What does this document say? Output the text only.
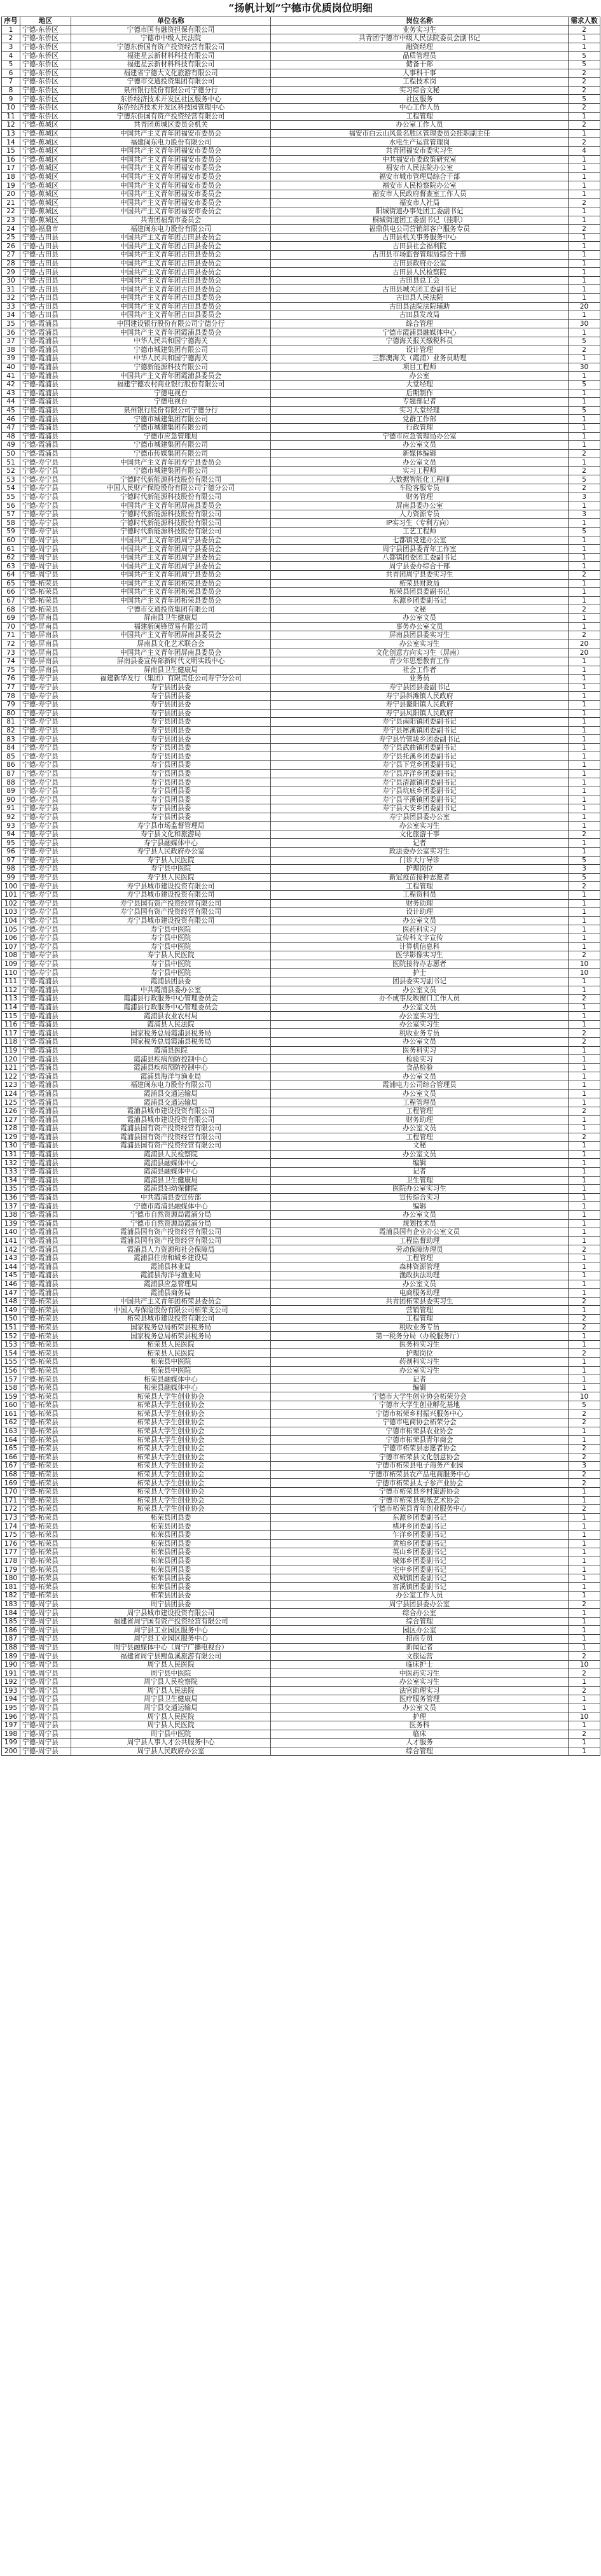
“扬帆计划”宁德市优质岗位明细
序号	地区	单位名称	岗位名称	需求人数
1	宁德-东侨区	宁德市国有融资担保有限公司	业务实习生	2
2	宁德-东侨区	宁德市中级人民法院	共青团宁德市中级人民法院委员会副书记	1
3	宁德-东侨区	宁德东侨国有资产投资经营有限公司	融资经理	1
4	宁德-东侨区	福建星云新材料科技有限公司	品质管理员	5
5	宁德-东侨区	福建星云新材料科技有限公司	储备干部	5
6	宁德-东侨区	福建省宁德大文化旅游有限公司	人事科干事	2
7	宁德-东侨区	宁德市交通投资集团有限公司	工程技术岗	2
8	宁德-东侨区	泉州银行股份有限公司宁德分行	实习综合文秘	2
9	宁德-东侨区	东侨经济技术开发区社区服务中心	社区服务	5
10	宁德-东侨区	东侨经济技术开发区科技园管理中心	中心工作人员	2
11	宁德-东侨区	宁德东侨国有资产投资经营有限公司	工程管理	1
12	宁德-蕉城区	共青团蕉城区委员会机关	办公室工作人员	2
13	宁德-蕉城区	中国共产主义青年团福安市委员会	福安市白云山风景名胜区管理委员会挂职副主任	1
14	宁德-蕉城区	福建闽东电力股份有限公司	水电生产运营管理岗	2
15	宁德-蕉城区	中国共产主义青年团福安市委员会	共青团福安市委实习生	4
16	宁德-蕉城区	中国共产主义青年团福安市委员会	中共福安市委政策研究室	1
17	宁德-蕉城区	中国共产主义青年团福安市委员会	福安市人民法院办公室	1
18	宁德-蕉城区	中国共产主义青年团福安市委员会	福安市城市管理局综合干部	1
19	宁德-蕉城区	中国共产主义青年团福安市委员会	福安市人民检察院办公室	1
20	宁德-蕉城区	中国共产主义青年团福安市委员会	福安市人民政府督查室工作人员	1
21	宁德-蕉城区	中国共产主义青年团福安市委员会	福安市人社局	2
22	宁德-蕉城区	中国共产主义青年团福安市委员会	阳城街道办事处团工委副书记	1
23	宁德-蕉城区	共青团福鼎市委员会	桐城街道团工委副书记（挂职）	1
24	宁德-福鼎市	福建闽东电力股份有限公司	福鼎供电公司营销部客户服务专员	2
25	宁德-古田县	中国共产主义青年团古田县委员会	古田县机关事务服务中心	1
26	宁德-古田县	中国共产主义青年团古田县委员会	古田县社会福利院	1
27	宁德-古田县	中国共产主义青年团古田县委员会	古田县市场监督管理局综合干部	1
28	宁德-古田县	中国共产主义青年团古田县委员会	古田县政府办公室	1
29	宁德-古田县	中国共产主义青年团古田县委员会	古田县人民检察院	1
30	宁德-古田县	中国共产主义青年团古田县委员会	古田县总工会	1
31	宁德-古田县	中国共产主义青年团古田县委员会	古田县城关团工委副书记	1
32	宁德-古田县	中国共产主义青年团古田县委员会	古田县人民法院	1
33	宁德-古田县	中国共产主义青年团古田县委员会	古田县法院法院辅助	20
34	宁德-古田县	中国共产主义青年团古田县委员会	古田县发改局	1
35	宁德-霞浦县	中国建设银行股份有限公司宁德分行	综合管理	30
36	宁德-霞浦县	中国共产主义青年团霞浦县委员会	宁德市霞浦县融媒体中心	1
37	宁德-霞浦县	中华人民共和国宁德海关	宁德海关报关缴税科员	5
38	宁德-霞浦县	宁德市城建集团有限公司	设计管理	2
39	宁德-霞浦县	中华人民共和国宁德海关	三都澳海关（霞浦）业务员助理	1
40	宁德-霞浦县	宁德新能源科技有限公司	项目工程师	30
41	宁德-霞浦县	中国共产主义青年团霞浦县委员会	办公室	1
42	宁德-霞浦县	福建宁德农村商业银行股份有限公司	大堂经理	5
43	宁德-霞浦县	宁德电视台	后期制作	1
44	宁德-霞浦县	宁德电视台	专题部记者	1
45	宁德-霞浦县	泉州银行股份有限公司宁德分行	实习大堂经理	5
46	宁德-霞浦县	宁德市城建集团有限公司	党群工作部	1
47	宁德-霞浦县	宁德市城建集团有限公司	行政管理	1
48	宁德-霞浦县	宁德市应急管理局	宁德市应急管理局办公室	1
49	宁德-霞浦县	宁德市城建集团有限公司	办公室文员	1
50	宁德-霞浦县	宁德市传媒集团有限公司	新媒体编辑	2
51	宁德-寿宁县	中国共产主义青年团寿宁县委员会	办公室文员	1
52	宁德-寿宁县	宁德市城建集团有限公司	实习工程师	2
53	宁德-寿宁县	宁德时代新能源科技股份有限公司	大数据智能化工程师	5
54	宁德-寿宁县	中国人民财产保险股份有限公司宁德分公司	车险客服专员	2
55	宁德-寿宁县	宁德时代新能源科技股份有限公司	财务管理	3
56	宁德-寿宁县	中国共产主义青年团屏南县委员会	屏南县委办公室	1
57	宁德-寿宁县	宁德时代新能源科技股份有限公司	人力资源专员	3
58	宁德-寿宁县	宁德时代新能源科技股份有限公司	IP实习生（专利方向）	1
59	宁德-寿宁县	宁德时代新能源科技股份有限公司	工艺工程师	5
60	宁德-周宁县	中国共产主义青年团周宁县委员会	七都镇党建办公室	1
61	宁德-周宁县	中国共产主义青年团周宁县委员会	周宁县团县委青年工作室	1
62	宁德-周宁县	中国共产主义青年团周宁县委员会	八都镇团委团工委副书记	1
63	宁德-周宁县	中国共产主义青年团周宁县委员会	周宁县委办综合干部	1
64	宁德-周宁县	中国共产主义青年团周宁县委员会	共青团周宁县委实习生	2
65	宁德-柘荣县	中国共产主义青年团柘荣县委员会	柘荣县财政局	1
66	宁德-柘荣县	中国共产主义青年团柘荣县委员会	柘荣县团县委副书记	1
67	宁德-柘荣县	中国共产主义青年团柘荣县委员会	东源乡团委副书记	1
68	宁德-柘荣县	宁德市交通投资集团有限公司	文秘	2
69	宁德-屏南县	屏南县卫生健康局	办公室文员	1
70	宁德-屏南县	福建新闽锋贸易有限公司	事务办公室文员	1
71	宁德-屏南县	中国共产主义青年团屏南县委员会	屏南县团县委实习生	2
72	宁德-屏南县	屏南县文化艺术联合会	办公室实习生	20
73	宁德-屏南县	中国共产主义青年团屏南县委员会	文化创意方向实习生（屏南）	20
74	宁德-屏南县	屏南县委宣传部新时代文明实践中心	青少年思想教育工作	1
75	宁德-屏南县	屏南县卫生健康局	社会工作者	1
76	宁德-寿宁县	福建新华发行（集团）有限责任公司寿宁分公司	业务员	1
77	宁德-寿宁县	寿宁县团县委	寿宁县团县委副书记	1
78	宁德-寿宁县	寿宁县团县委	寿宁县斜滩镇人民政府	1
79	宁德-寿宁县	寿宁县团县委	寿宁县鳌阳镇人民政府	1
80	宁德-寿宁县	寿宁县团县委	寿宁县凤阳镇人民政府	1
81	宁德-寿宁县	寿宁县团县委	寿宁县南阳镇团委副书记	1
82	宁德-寿宁县	寿宁县团县委	寿宁县犀溪镇团委副书记	1
83	宁德-寿宁县	寿宁县团县委	寿宁县竹管垅乡团委副书记	1
84	宁德-寿宁县	寿宁县团县委	寿宁县武曲镇团委副书记	1
85	宁德-寿宁县	寿宁县团县委	寿宁县托溪乡团委副书记	1
86	宁德-寿宁县	寿宁县团县委	寿宁县下党乡团委副书记	1
87	宁德-寿宁县	寿宁县团县委	寿宁县芹洋乡团委副书记	1
88	宁德-寿宁县	寿宁县团县委	寿宁县清源镇团委副书记	1
89	宁德-寿宁县	寿宁县团县委	寿宁县坑底乡团委副书记	1
90	宁德-寿宁县	寿宁县团县委	寿宁县平溪镇团委副书记	1
91	宁德-寿宁县	寿宁县团县委	寿宁县大安乡团委副书记	1
92	宁德-寿宁县	寿宁县团县委	寿宁县团县委办公室	1
93	宁德-寿宁县	寿宁县市场监督管理局	办公室实习生	1
94	宁德-寿宁县	寿宁县文化和旅游局	文化旅游干事	2
95	宁德-寿宁县	寿宁县融媒体中心	记者	1
96	宁德-寿宁县	寿宁县人民政府办公室	政法委办公室实习生	1
97	宁德-寿宁县	寿宁县人民医院	门诊大厅导诊	5
98	宁德-寿宁县	寿宁县中医院	护理岗位	3
99	宁德-寿宁县	寿宁县人民医院	新冠疫苗接种志愿者	5
100	宁德-寿宁县	寿宁县城市建设投资有限公司	工程管理	2
101	宁德-寿宁县	寿宁县城市建设投资有限公司	工程资料员	1
102	宁德-寿宁县	寿宁县国有资产投资经营有限公司	财务助理	1
103	宁德-寿宁县	寿宁县国有资产投资经营有限公司	设计助理	1
104	宁德-寿宁县	寿宁县城市建设投资有限公司	办公室文员	1
105	宁德-寿宁县	寿宁县中医院	医药科实习	1
106	宁德-寿宁县	寿宁县中医院	宣传科文字宣传	1
107	宁德-寿宁县	寿宁县中医院	计算机信息科	1
108	宁德-寿宁县	寿宁县人民医院	医学影像实习生	2
109	宁德-寿宁县	寿宁县中医院	医院接待办志愿者	10
110	宁德-寿宁县	寿宁县中医院	护士	10
111	宁德-霞浦县	霞浦县团县委	团县委实习副书记	1
112	宁德-霞浦县	中共霞浦县委办公室	办公室文员	1
113	宁德-霞浦县	霞浦县行政服务中心管理委员会	办不成事反映窗口工作人员	2
114	宁德-霞浦县	霞浦县行政服务中心管理委员会	办公室文员	1
115	宁德-霞浦县	霞浦县农业农村局	办公室实习生	1
116	宁德-霞浦县	霞浦县人民法院	办公室实习生	1
117	宁德-霞浦县	国家税务总局霞浦县税务局	税收业务专员	2
118	宁德-霞浦县	国家税务总局霞浦县税务局	办公室文员	2
119	宁德-霞浦县	霞浦县医院	医务科实习	1
120	宁德-霞浦县	霞浦县疾病预防控制中心	检验实习	1
121	宁德-霞浦县	霞浦县疾病预防控制中心	食品检验	1
122	宁德-霞浦县	霞浦县海洋与渔业局	办公室文员	1
123	宁德-霞浦县	福建闽东电力股份有限公司	霞浦电力公司综合管理员	1
124	宁德-霞浦县	霞浦县交通运输局	办公室文员	1
125	宁德-霞浦县	霞浦县交通运输局	工程管理员	1
126	宁德-霞浦县	霞浦县城市建设投资有限公司	工程管理	2
127	宁德-霞浦县	霞浦县城市建设投资有限公司	财务助理	1
128	宁德-霞浦县	霞浦县国有资产投资经营有限公司	办公室文员	1
129	宁德-霞浦县	霞浦县国有资产投资经营有限公司	工程管理	2
130	宁德-霞浦县	霞浦县国有资产投资经营有限公司	文秘	1
131	宁德-霞浦县	霞浦县人民检察院	办公室文员	1
132	宁德-霞浦县	霞浦县融媒体中心	编辑	1
133	宁德-霞浦县	霞浦县融媒体中心	记者	1
134	宁德-霞浦县	霞浦县卫生健康局	卫生管理	1
135	宁德-霞浦县	霞浦县妇幼保健院	医院办公室实习生	1
136	宁德-霞浦县	中共霞浦县委宣传部	宣传综合实习	1
137	宁德-霞浦县	宁德市霞浦县融媒体中心	编辑	1
138	宁德-霞浦县	宁德市自然资源局霞浦分局	办公室文员	1
139	宁德-霞浦县	宁德市自然资源局霞浦分局	规划技术员	1
140	宁德-霞浦县	霞浦县国有资产投资经营有限公司	霞浦县国有企业办公室文员	1
141	宁德-霞浦县	霞浦县国有资产投资经营有限公司	工程监督助理	1
142	宁德-霞浦县	霞浦县人力资源和社会保障局	劳动保障协理员	2
143	宁德-霞浦县	霞浦县住房和城乡建设局	工程管理	1
144	宁德-霞浦县	霞浦县林业局	森林资源管理	1
145	宁德-霞浦县	霞浦县海洋与渔业局	渔政执法助理	1
146	宁德-霞浦县	霞浦县应急管理局	办公室文员	1
147	宁德-霞浦县	霞浦县商务局	电商服务助理	1
148	宁德-柘荣县	中国共产主义青年团柘荣县委员会	共青团柘荣县委实习生	2
149	宁德-柘荣县	中国人寿保险股份有限公司柘荣支公司	营销管理	1
150	宁德-柘荣县	柘荣县城市建设投资有限公司	工程管理	2
151	宁德-柘荣县	国家税务总局柘荣县税务局	税收业务专员	2
152	宁德-柘荣县	国家税务总局柘荣县税务局	第一税务分局（办税服务厅）	1
153	宁德-柘荣县	柘荣县人民医院	医务科实习生	1
154	宁德-柘荣县	柘荣县人民医院	护理岗位	2
155	宁德-柘荣县	柘荣县中医院	药剂科实习生	1
156	宁德-柘荣县	柘荣县中医院	办公室实习生	1
157	宁德-柘荣县	柘荣县融媒体中心	记者	1
158	宁德-柘荣县	柘荣县融媒体中心	编辑	1
159	宁德-柘荣县	柘荣县大学生创业协会	宁德市大学生创业协会柘荣分会	10
160	宁德-柘荣县	柘荣县大学生创业协会	宁德市大学生创业孵化基地	5
161	宁德-柘荣县	柘荣县大学生创业协会	宁德市柘荣乡村振兴服务中心	2
162	宁德-柘荣县	柘荣县大学生创业协会	宁德市电商协会柘荣分会	2
163	宁德-柘荣县	柘荣县大学生创业协会	宁德市柘荣县农业协会	1
164	宁德-柘荣县	柘荣县大学生创业协会	宁德市柘荣县青年商会	1
165	宁德-柘荣县	柘荣县大学生创业协会	宁德市柘荣县志愿者协会	2
166	宁德-柘荣县	柘荣县大学生创业协会	宁德市柘荣县文化创意协会	2
167	宁德-柘荣县	柘荣县大学生创业协会	宁德市柘荣县电子商务产业园	3
168	宁德-柘荣县	柘荣县大学生创业协会	宁德市柘荣县农产品电商服务中心	2
169	宁德-柘荣县	柘荣县大学生创业协会	宁德市柘荣县太子参产业协会	2
170	宁德-柘荣县	柘荣县大学生创业协会	宁德市柘荣县乡村旅游协会	1
171	宁德-柘荣县	柘荣县大学生创业协会	宁德市柘荣县剪纸艺术协会	1
172	宁德-柘荣县	柘荣县大学生创业协会	宁德市柘荣县青年创业服务中心	2
173	宁德-柘荣县	柘荣县团县委	东源乡团委副书记	1
174	宁德-柘荣县	柘荣县团县委	楮坪乡团委副书记	1
175	宁德-柘荣县	柘荣县团县委	乍洋乡团委副书记	1
176	宁德-柘荣县	柘荣县团县委	黄柏乡团委副书记	1
177	宁德-柘荣县	柘荣县团县委	英山乡团委副书记	1
178	宁德-柘荣县	柘荣县团县委	城郊乡团委副书记	1
179	宁德-柘荣县	柘荣县团县委	宅中乡团委副书记	1
180	宁德-柘荣县	柘荣县团县委	双城镇团委副书记	1
181	宁德-柘荣县	柘荣县团县委	富溪镇团委副书记	1
182	宁德-柘荣县	柘荣县团县委	办公室工作人员	1
183	宁德-周宁县	周宁县团县委	周宁县团县委办公室	2
184	宁德-周宁县	周宁县城市建设投资有限公司	综合办公室	1
185	宁德-周宁县	福建省周宁国有资产投资经营有限公司	综合管理	1
186	宁德-周宁县	周宁县工业园区服务中心	园区办公室	1
187	宁德-周宁县	周宁县工业园区服务中心	招商专员	1
188	宁德-周宁县	周宁县融媒体中心（周宁广播电视台）	新闻记者	1
189	宁德-周宁县	福建省周宁县鲤鱼溪旅游有限公司	文旅运营	2
190	宁德-周宁县	周宁县人民医院	临床护士	10
191	宁德-周宁县	周宁县中医院	中医药实习生	2
192	宁德-周宁县	周宁县人民检察院	办公室实习生	1
193	宁德-周宁县	周宁县人民法院	法官助理实习	2
194	宁德-周宁县	周宁县卫生健康局	医疗服务管理	1
195	宁德-周宁县	周宁县交通运输局	办公室文员	1
196	宁德-周宁县	周宁县人民医院	护理	10
197	宁德-周宁县	周宁县人民医院	医务科	1
198	宁德-周宁县	周宁县中医院	临床	2
199	宁德-周宁县	周宁县人事人才公共服务中心	人才服务	1
200	宁德-周宁县	周宁县人民政府办公室	综合管理	1
